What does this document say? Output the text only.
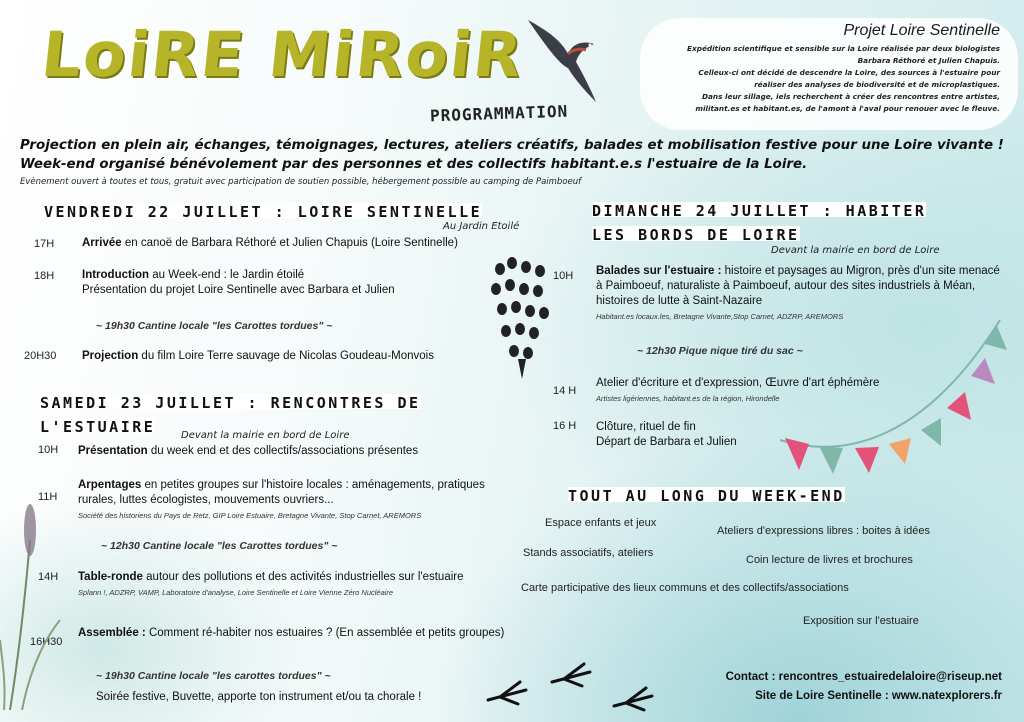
LoiRE MiRoiR
PROGRAMMATION
Projet Loire Sentinelle
Expédition scientifique et sensible sur la Loire réalisée par deux biologistes
Barbara Réthoré et Julien Chapuis.
Celleux-ci ont décidé de descendre la Loire, des sources à l'estuaire pour
réaliser des analyses de biodiversité et de microplastiques.
Dans leur sillage, iels recherchent à créer des rencontres entre artistes,
militant.es et habitant.es, de l'amont à l'aval pour renouer avec le fleuve.
Projection en plein air, échanges, témoignages, lectures, ateliers créatifs, balades et mobilisation festive pour une Loire vivante !
Week-end organisé bénévolement par des personnes et des collectifs habitant.e.s l'estuaire de la Loire.
Evènement ouvert à toutes et tous, gratuit avec participation de soutien possible, hébergement possible au camping de Paimboeuf
VENDREDI 22 JUILLET : LOIRE SENTINELLE
Au Jardin Etoilé
17H Arrivée en canoë de Barbara Réthoré et Julien Chapuis (Loire Sentinelle)
18H Introduction au Week-end : le Jardin étoilé
Présentation du projet Loire Sentinelle avec Barbara et Julien
~ 19h30 Cantine locale "les Carottes tordues" ~
20H30 Projection du film Loire Terre sauvage de Nicolas Goudeau-Monvois
SAMEDI 23 JUILLET : RENCONTRES DE
L'ESTUAIRE	Devant la mairie en bord de Loire
10H Présentation du week end et des collectifs/associations présentes
11H
Arpentages en petites groupes sur l'histoire locales : aménagements, pratiques rurales, luttes écologistes, mouvements ouvriers...
Société des historiens du Pays de Retz, GIP Loire Estuaire, Bretagne Vivante, Stop Carnet, AREMORS
~ 12h30 Cantine locale "les Carottes tordues" ~
14H Table-ronde autour des pollutions et des activités industrielles sur l'estuaire
Splann !, ADZRP, VAMP, Laboratoire d'analyse, Loire Sentinelle et Loire Vienne Zéro Nucléaire
16H30
Assemblée : Comment ré-habiter nos estuaires ? (En assemblée et petits groupes)
~ 19h30 Cantine locale "les carottes tordues" ~
Soirée festive, Buvette, apporte ton instrument et/ou ta chorale !
DIMANCHE 24 JUILLET : HABITER
LES BORDS DE LOIRE
Devant la mairie en bord de Loire
10H Balades sur l'estuaire : histoire et paysages au Migron, près d'un site menacé à Paimboeuf, naturaliste à Paimboeuf, autour des sites industriels à Méan, histoires de lutte à Saint-Nazaire
Habitant.es locaux.les, Bretagne Vivante,Stop Carnet, ADZRP, AREMORS
~ 12h30 Pique nique tiré du sac ~
14 H
Atelier d'écriture et d'expression, Œuvre d'art éphémère
Artistes ligériennes, habitant.es de la région, Hirondelle
16 H Clôture, rituel de fin
Départ de Barbara et Julien
TOUT AU LONG DU WEEK-END
Espace enfants et jeux
Ateliers d'expressions libres : boites à idées
Stands associatifs, ateliers
Coin lecture de livres et brochures
Carte participative des lieux communs et des collectifs/associations
Exposition sur l'estuaire
Contact : rencontres_estuairedelaloire@riseup.net
Site de Loire Sentinelle : www.natexplorers.fr
